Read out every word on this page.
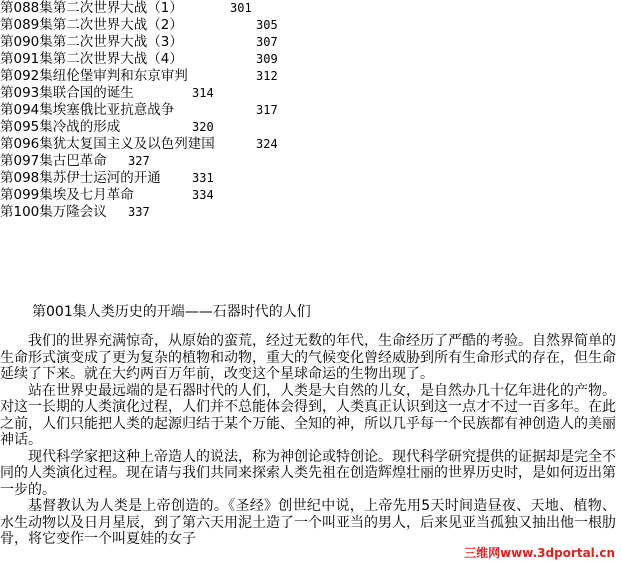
第088集第二次世界大战（1）	301
第089集第二次世界大战（2）	305
第090集第二次世界大战（3）	307
第091集第二次世界大战（4）	309
第092集纽伦堡审判和东京审判	312
第093集联合国的诞生	314
第094集埃塞俄比亚抗意战争	317
第095集冷战的形成	320
第096集犹太复国主义及以色列建国	324
第097集古巴革命 327
第098集苏伊士运河的开通	331
第099集埃及七月革命	334
第100集万隆会议 337
第001集人类历史的开端——石器时代的人们

我们的世界充满惊奇，从原始的蛮荒，经过无数的年代，生命经历了严酷的考验。自然界简单的生命形式演变成了更为复杂的植物和动物，重大的气候变化曾经威胁到所有生命形式的存在，但生命延续了下来。就在大约两百万年前，改变这个星球命运的生物出现了。

站在世界史最远端的是石器时代的人们，人类是大自然的儿女，是自然办几十亿年进化的产物。对这一长期的人类演化过程，人们并不总能体会得到，人类真正认识到这一点才不过一百多年。在此之前，人们只能把人类的起源归结于某个万能、全知的神，所以几乎每一个民族都有神创造人的美丽神话。

现代科学家把这种上帝造人的说法，称为神创论或特创论。现代科学研究提供的证据却是完全不同的人类演化过程。现在请与我们共同来探索人类先祖在创造辉煌壮丽的世界历史时，是如何迈出第一步的。

基督教认为人类是上帝创造的。《圣经》创世纪中说，上帝先用5天时间造昼夜、天地、植物、水生动物以及日月星辰，到了第六天用泥土造了一个叫亚当的男人，后来见亚当孤独又抽出他一根肋骨，将它变作一个叫夏娃的女子

三维网www.3dportal.cn
